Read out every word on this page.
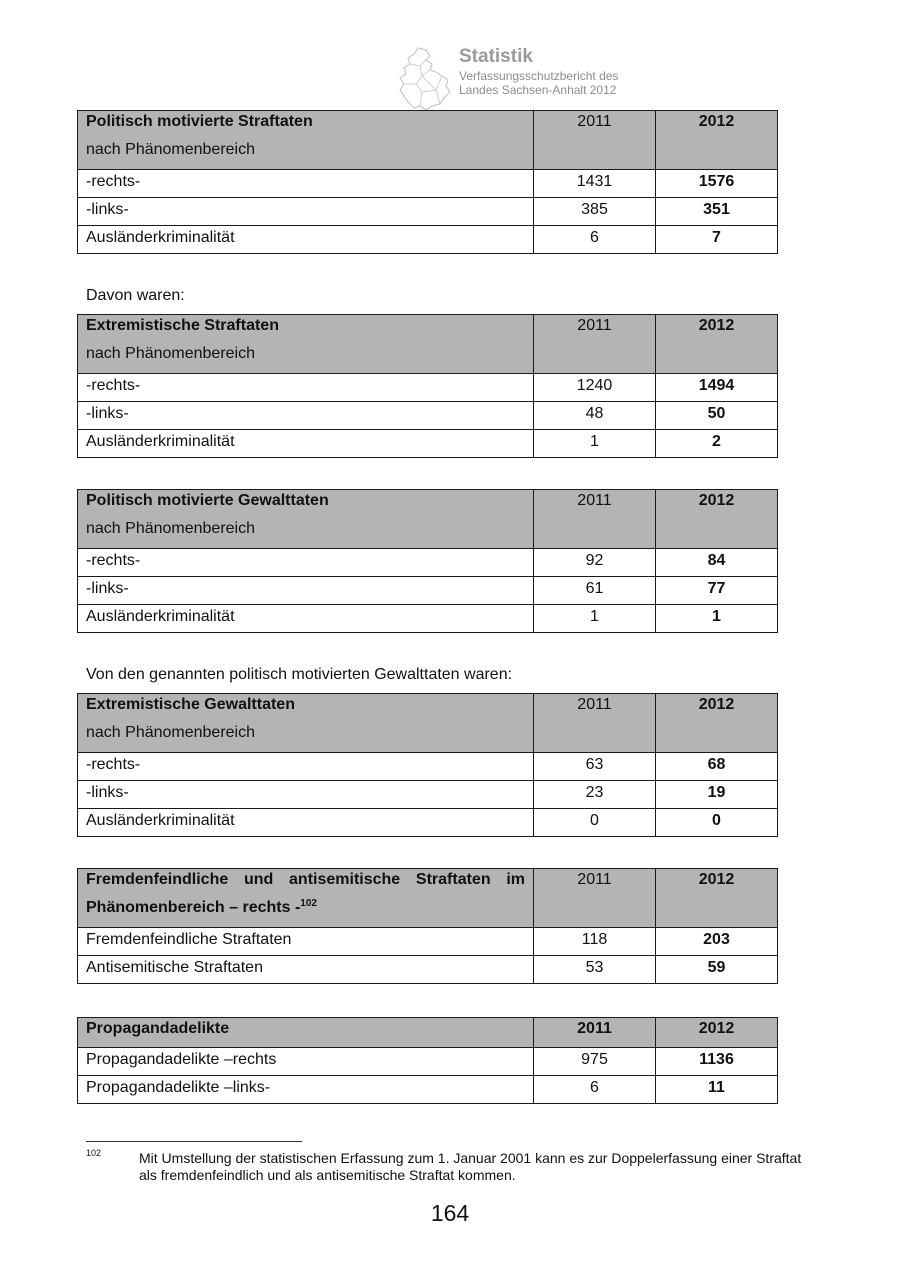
Statistik
Verfassungsschutzbericht des
Landes Sachsen-Anhalt 2012
Politisch motivierte Straftaten
nach Phänomenbereich	2011	2012
-rechts-	1431	1576
-links-	385	351
Ausländerkriminalität	6	7
Davon waren:
Extremistische Straftaten
nach Phänomenbereich	2011	2012
-rechts-	1240	1494
-links-	48	50
Ausländerkriminalität	1	2
Politisch motivierte Gewalttaten
nach Phänomenbereich	2011	2012
-rechts-	92	84
-links-	61	77
Ausländerkriminalität	1	1
Von den genannten politisch motivierten Gewalttaten waren:
Extremistische Gewalttaten
nach Phänomenbereich	2011	2012
-rechts-	63	68
-links-	23	19
Ausländerkriminalität	0	0
Fremdenfeindliche und antisemitische Straftaten im
Phänomenbereich – rechts -$^{102}$	2011	2012
Fremdenfeindliche Straftaten	118	203
Antisemitische Straftaten	53	59
Propagandadelikte	2011	2012
Propagandadelikte –rechts	975	1136
Propagandadelikte –links-	6	11
102	Mit Umstellung der statistischen Erfassung zum 1. Januar 2001 kann es zur Doppelerfassung einer Straftat als fremdenfeindlich und als antisemitische Straftat kommen.
164
